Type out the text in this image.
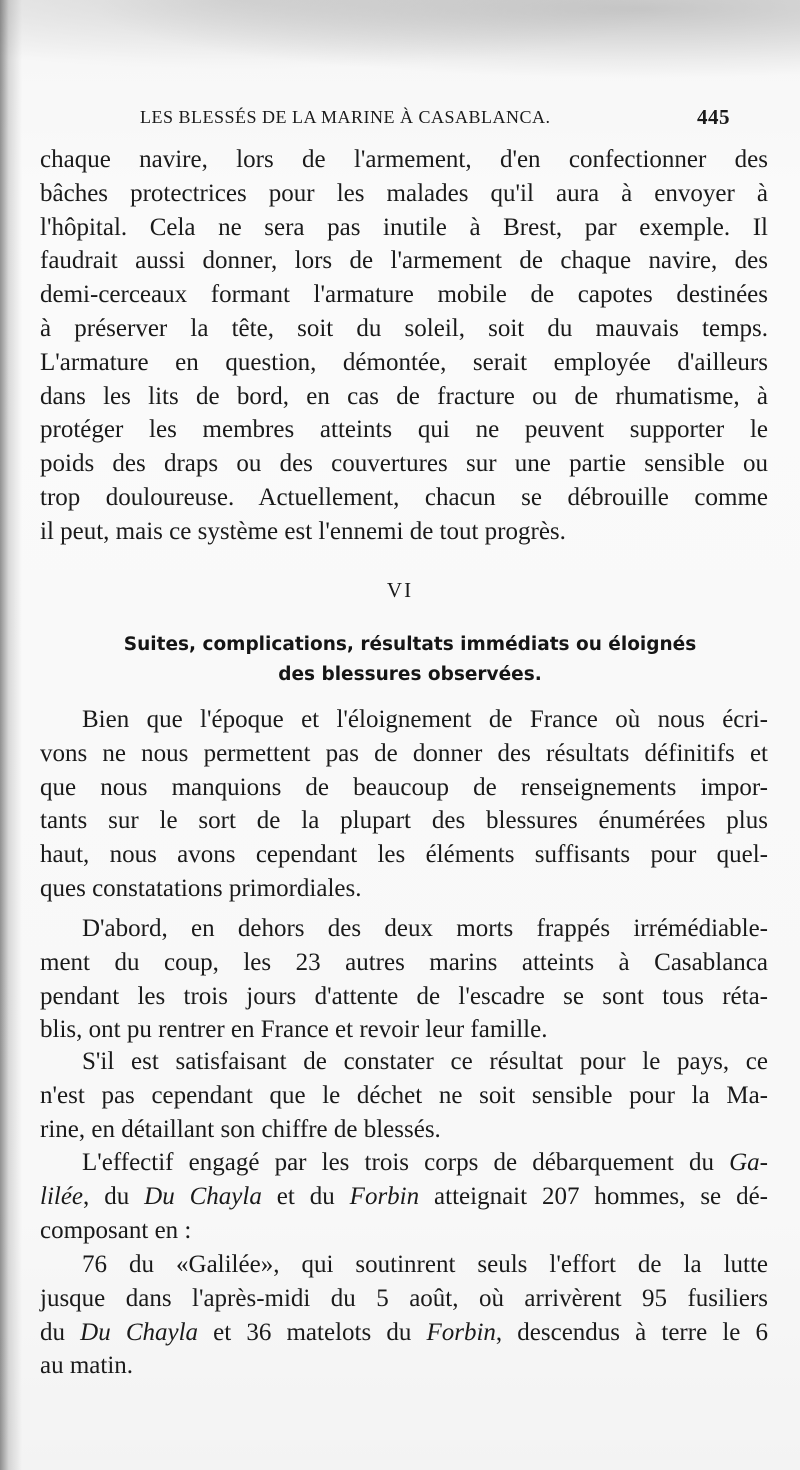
LES BLESSÉS DE LA MARINE À CASABLANCA.	445
chaque navire, lors de l'armement, d'en confectionner des
bâches protectrices pour les malades qu'il aura à envoyer à
l'hôpital. Cela ne sera pas inutile à Brest, par exemple. Il
faudrait aussi donner, lors de l'armement de chaque navire, des
demi-cerceaux formant l'armature mobile de capotes destinées
à préserver la tête, soit du soleil, soit du mauvais temps.
L'armature en question, démontée, serait employée d'ailleurs
dans les lits de bord, en cas de fracture ou de rhumatisme, à
protéger les membres atteints qui ne peuvent supporter le
poids des draps ou des couvertures sur une partie sensible ou
trop douloureuse. Actuellement, chacun se débrouille comme
il peut, mais ce système est l'ennemi de tout progrès.
VI
Suites, complications, résultats immédiats ou éloignés
des blessures observées.
Bien que l'époque et l'éloignement de France où nous écri-
vons ne nous permettent pas de donner des résultats définitifs et
que nous manquions de beaucoup de renseignements impor-
tants sur le sort de la plupart des blessures énumérées plus
haut, nous avons cependant les éléments suffisants pour quel-
ques constatations primordiales.
D'abord, en dehors des deux morts frappés irrémédiable-
ment du coup, les 23 autres marins atteints à Casablanca
pendant les trois jours d'attente de l'escadre se sont tous réta-
blis, ont pu rentrer en France et revoir leur famille.
S'il est satisfaisant de constater ce résultat pour le pays, ce
n'est pas cependant que le déchet ne soit sensible pour la Ma-
rine, en détaillant son chiffre de blessés.
L'effectif engagé par les trois corps de débarquement du Ga-
lilée, du Du Chayla et du Forbin atteignait 207 hommes, se dé-
composant en :
76 du «Galilée», qui soutinrent seuls l'effort de la lutte
jusque dans l'après-midi du 5 août, où arrivèrent 95 fusiliers
du Du Chayla et 36 matelots du Forbin, descendus à terre le 6
au matin.
